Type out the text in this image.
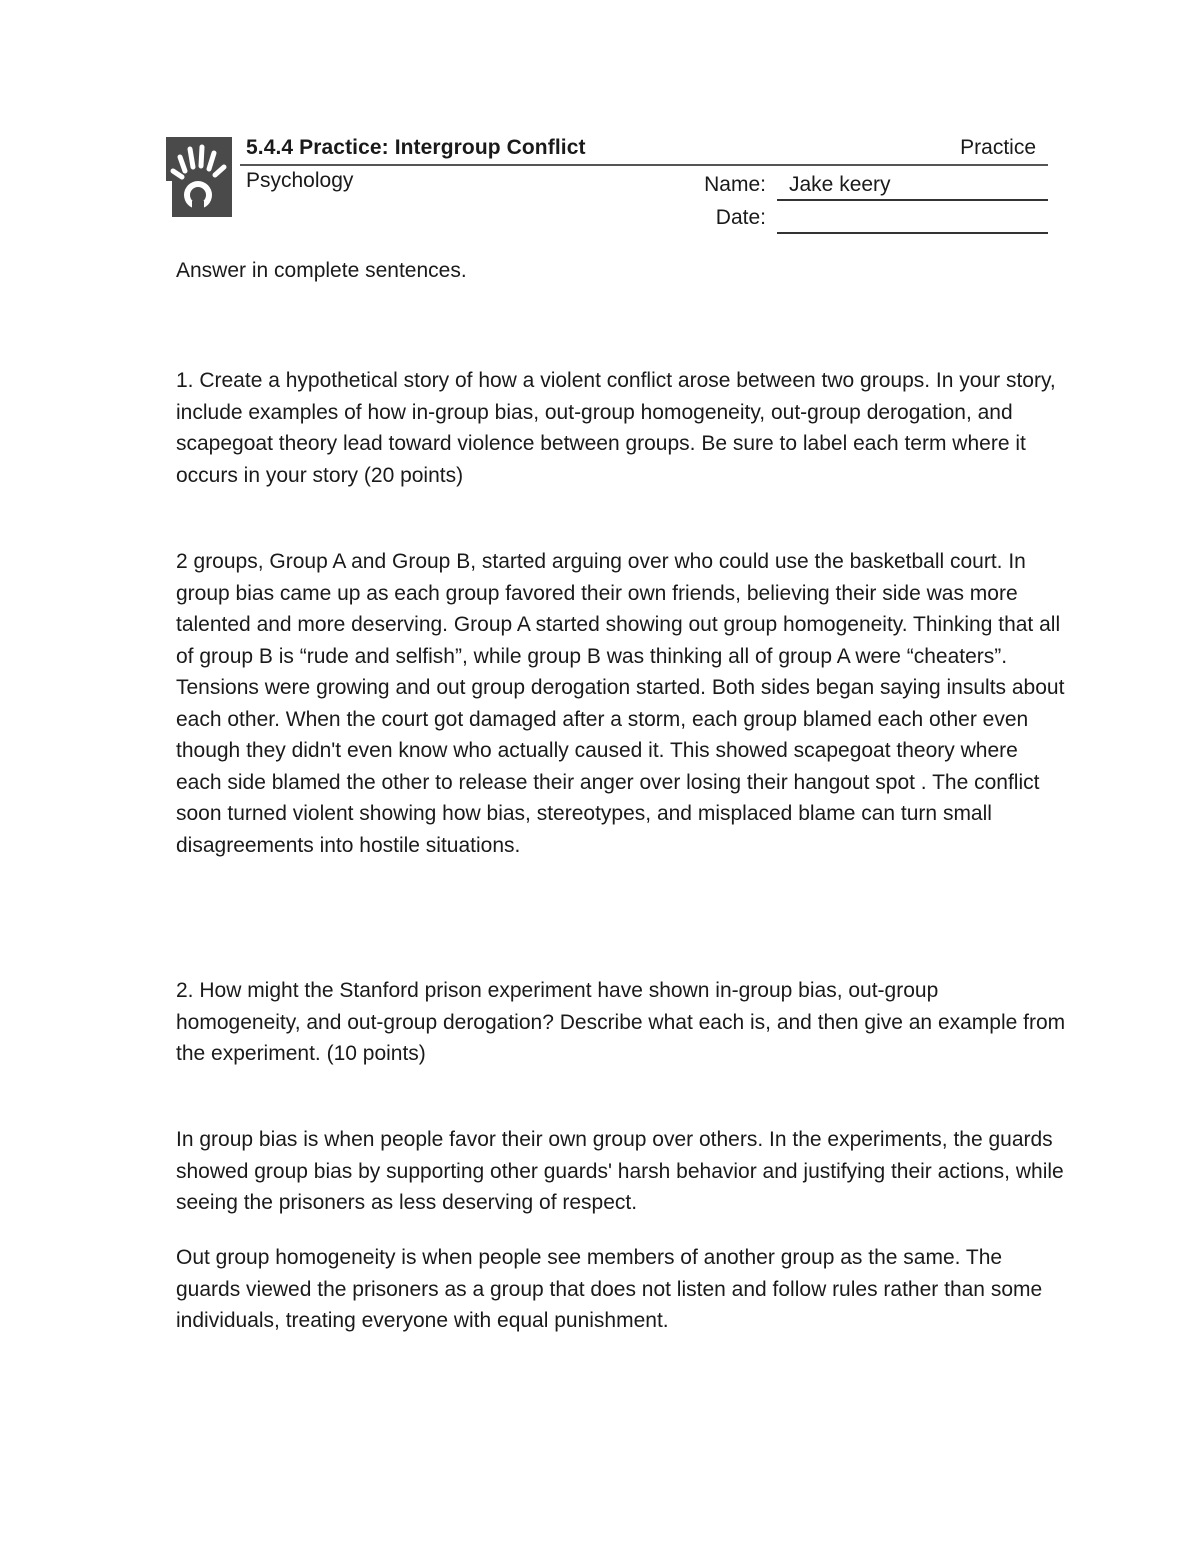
5.4.4 Practice: Intergroup Conflict	Practice
Psychology	Name: Jake keery
Date:
Answer in complete sentences.
1. Create a hypothetical story of how a violent conflict arose between two groups. In your story, include examples of how in-group bias, out-group homogeneity, out-group derogation, and scapegoat theory lead toward violence between groups. Be sure to label each term where it occurs in your story (20 points)
2 groups, Group A and Group B, started arguing over who could use the basketball court. In group bias came up as each group favored their own friends, believing their side was more talented and more deserving. Group A started showing out group homogeneity. Thinking that all of group B is “rude and selfish”, while group B was thinking all of group A were “cheaters”. Tensions were growing and out group derogation started. Both sides began saying insults about each other. When the court got damaged after a storm, each group blamed each other even though they didn't even know who actually caused it. This showed scapegoat theory where each side blamed the other to release their anger over losing their hangout spot . The conflict soon turned violent showing how bias, stereotypes, and misplaced blame can turn small disagreements into hostile situations.
2. How might the Stanford prison experiment have shown in-group bias, out-group homogeneity, and out-group derogation? Describe what each is, and then give an example from the experiment. (10 points)
In group bias is when people favor their own group over others. In the experiments, the guards showed group bias by supporting other guards' harsh behavior and justifying their actions, while seeing the prisoners as less deserving of respect.
Out group homogeneity is when people see members of another group as the same. The guards viewed the prisoners as a group that does not listen and follow rules rather than some individuals, treating everyone with equal punishment.
